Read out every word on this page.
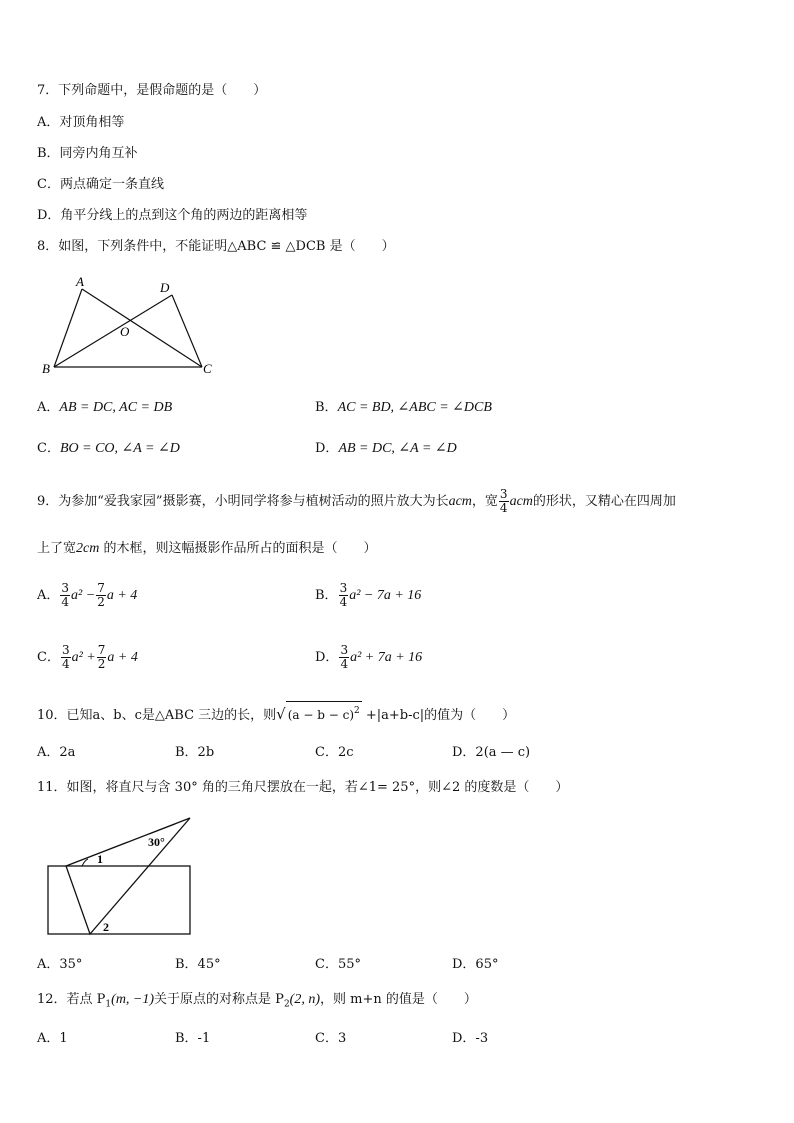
7．下列命题中，是假命题的是（　　）
A．对顶角相等
B．同旁内角互补
C．两点确定一条直线
D．角平分线上的点到这个角的两边的距离相等
8．如图，下列条件中，不能证明△ABC ≌ △DCB 是（　　）
A	D
B	C
O
A．AB = DC, AC = DB	B．AC = BD, ∠ABC = ∠DCB
C．BO = CO, ∠A = ∠D	D．AB = DC, ∠A = ∠D
9．为参加“爱我家园”摄影赛，小明同学将参与植树活动的照片放大为长acm，宽 $\frac{3}{4}$ acm的形状，又精心在四周加
上了宽2cm 的木框，则这幅摄影作品所占的面积是（　　）
A． $\frac{3}{4} a^2 - \frac{7}{2}$ a + 4	B． $\frac{3}{4} a^2 - 7a + 16$
C． $\frac{3}{4} a^2 + \frac{7}{2}$ a + 4	D． $\frac{3}{4} a^2 + 7a + 16$
10．已知a、b、c是△ABC 三边的长，则√ $(a - b - c)^2 +|a+b-c|$的值为（　　）
A．2a	B．2b	C．2c	D．2(a — c)
11．如图，将直尺与含 30° 角的三角尺摆放在一起，若∠1= 25°，则∠2 的度数是（　　）
30°
1
2
A．35°	B．45°	C．55°	D．65°
12．若点 $P_1(m$, −1)关于原点的对称点是 $P_2(2$, n)，则 m+n 的值是（　　）
A．1	B．-1	C．3	D．-3
